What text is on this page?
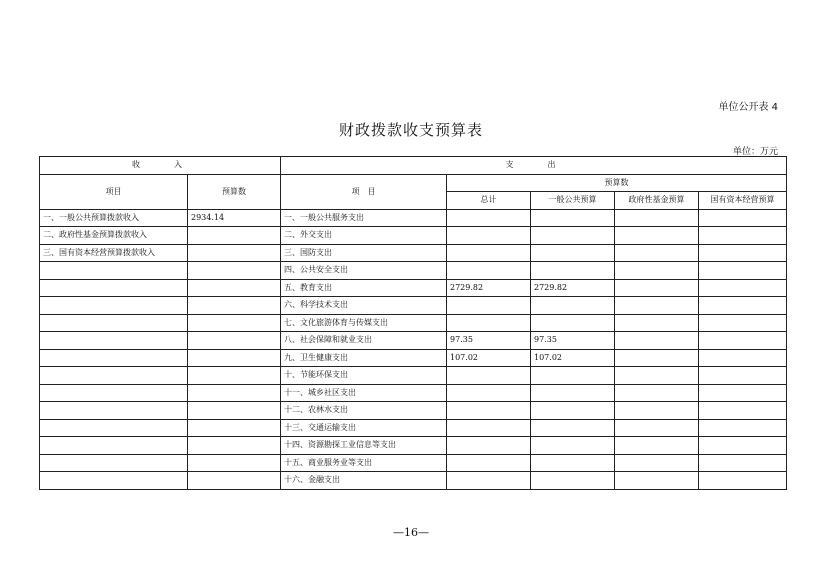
单位公开表 4
财政拨款收支预算表
单位：万元
收　　入		支　　出				
项目	预算数	项　目	预算数			
			总计	一般公共预算	政府性基金预算	国有资本经营预算
一、一般公共预算拨款收入	2934.14	一、一般公共服务支出				
二、政府性基金预算拨款收入		二、外交支出				
三、国有资本经营预算拨款收入		三、国防支出				
		四、公共安全支出				
		五、教育支出	2729.82	2729.82		
		六、科学技术支出				
		七、文化旅游体育与传媒支出				
		八、社会保障和就业支出	97.35	97.35		
		九、卫生健康支出	107.02	107.02		
		十、节能环保支出				
		十一、城乡社区支出				
		十二、农林水支出				
		十三、交通运输支出				
		十四、资源勘探工业信息等支出				
		十五、商业服务业等支出				
		十六、金融支出				
—16—
